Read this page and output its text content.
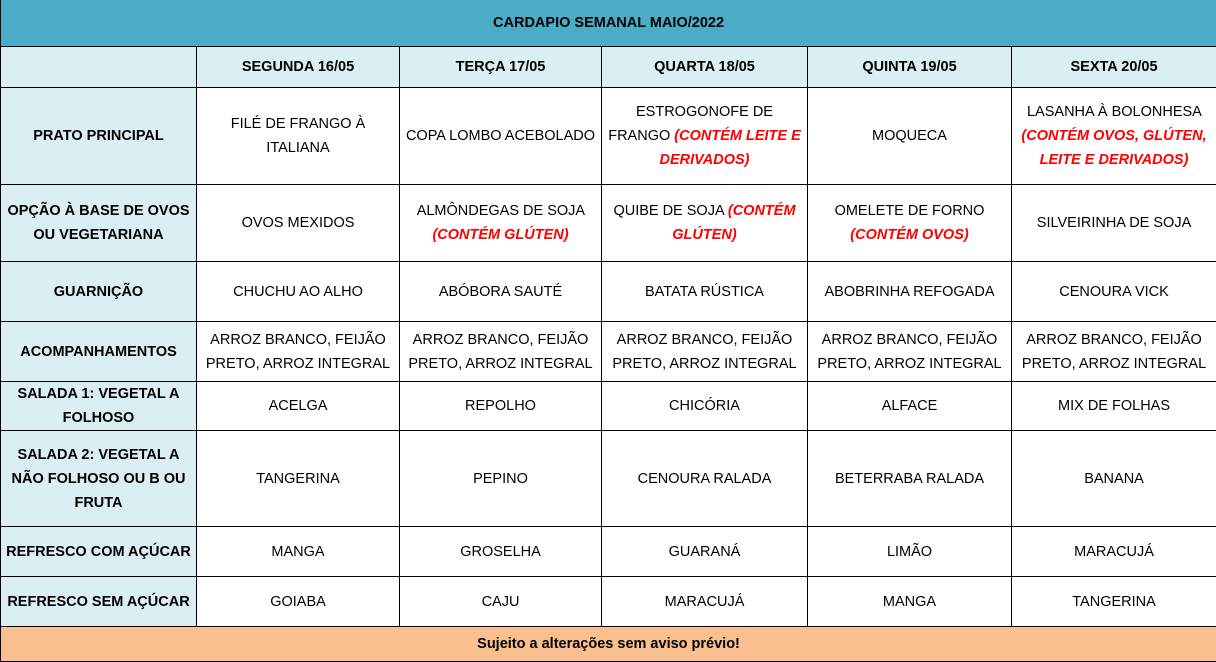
CARDAPIO SEMANAL MAIO/2022					
	SEGUNDA 16/05	TERÇA 17/05	QUARTA 18/05	QUINTA 19/05	SEXTA 20/05
PRATO PRINCIPAL	FILÉ DE FRANGO À ITALIANA	COPA LOMBO ACEBOLADO	ESTROGONOFE DE FRANGO (CONTÉM LEITE E DERIVADOS)	MOQUECA	LASANHA À BOLONHESA (CONTÉM OVOS, GLÚTEN, LEITE E DERIVADOS)
OPÇÃO À BASE DE OVOS OU VEGETARIANA	OVOS MEXIDOS	ALMÔNDEGAS DE SOJA (CONTÉM GLÚTEN)	QUIBE DE SOJA (CONTÉM GLÚTEN)	OMELETE DE FORNO (CONTÉM OVOS)	SILVEIRINHA DE SOJA
GUARNIÇÃO	CHUCHU AO ALHO	ABÓBORA SAUTÉ	BATATA RÚSTICA	ABOBRINHA REFOGADA	CENOURA VICK
ACOMPANHAMENTOS	ARROZ BRANCO, FEIJÃO PRETO, ARROZ INTEGRAL	ARROZ BRANCO, FEIJÃO PRETO, ARROZ INTEGRAL	ARROZ BRANCO, FEIJÃO PRETO, ARROZ INTEGRAL	ARROZ BRANCO, FEIJÃO PRETO, ARROZ INTEGRAL	ARROZ BRANCO, FEIJÃO PRETO, ARROZ INTEGRAL
SALADA 1: VEGETAL A FOLHOSO	ACELGA	REPOLHO	CHICÓRIA	ALFACE	MIX DE FOLHAS
SALADA 2: VEGETAL A NÃO FOLHOSO OU B OU FRUTA	TANGERINA	PEPINO	CENOURA RALADA	BETERRABA RALADA	BANANA
REFRESCO COM AÇÚCAR	MANGA	GROSELHA	GUARANÁ	LIMÃO	MARACUJÁ
REFRESCO SEM AÇÚCAR	GOIABA	CAJU	MARACUJÁ	MANGA	TANGERINA
Sujeito a alterações sem aviso prévio!					
